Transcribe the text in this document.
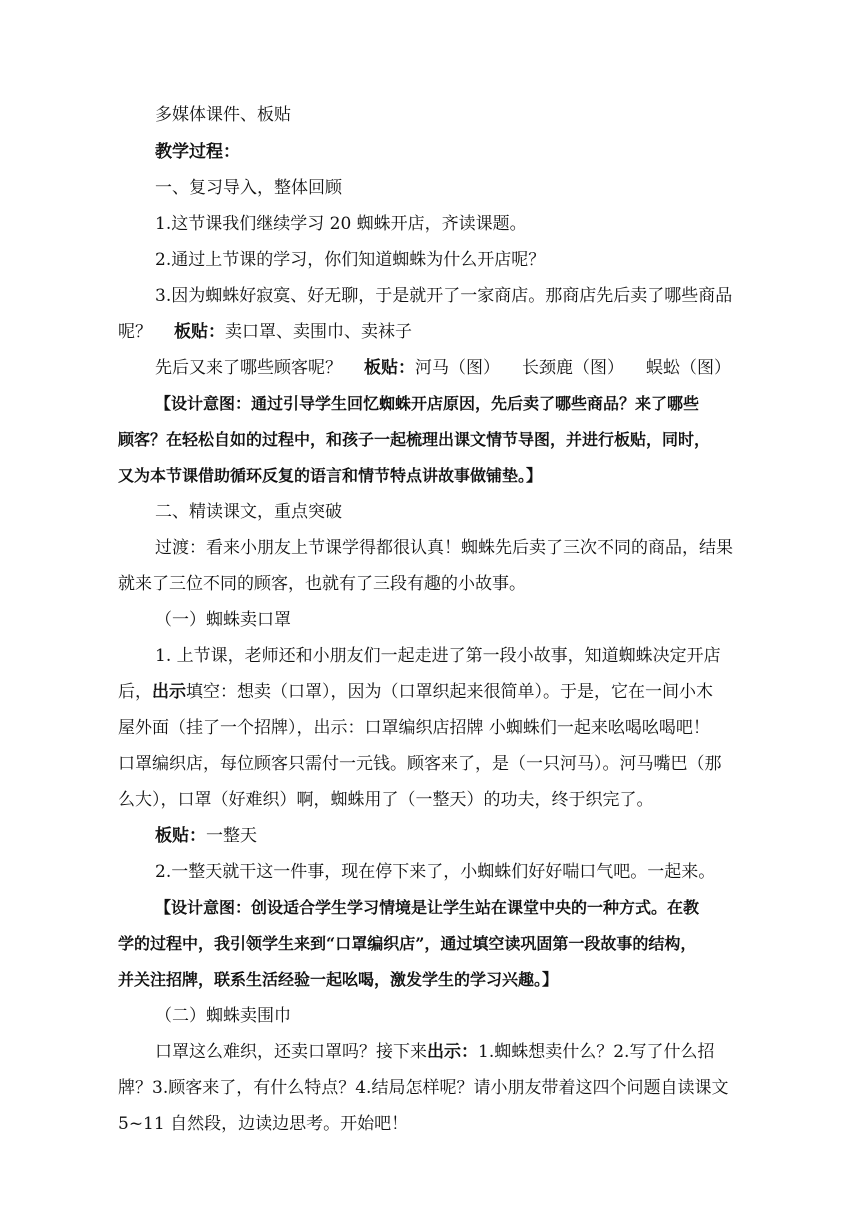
多媒体课件、板贴
教学过程：
一、复习导入，整体回顾
1.这节课我们继续学习 20 蜘蛛开店，齐读课题。
2.通过上节课的学习，你们知道蜘蛛为什么开店呢？
3.因为蜘蛛好寂寞、好无聊，于是就开了一家商店。那商店先后卖了哪些商品
呢？ 板贴：卖口罩、卖围巾、卖袜子
先后又来了哪些顾客呢？ 板贴：河马（图） 长颈鹿（图） 蜈蚣（图）
【设计意图：通过引导学生回忆蜘蛛开店原因，先后卖了哪些商品？来了哪些
顾客？在轻松自如的过程中，和孩子一起梳理出课文情节导图，并进行板贴，同时，
又为本节课借助循环反复的语言和情节特点讲故事做铺垫。】
二、精读课文，重点突破
过渡：看来小朋友上节课学得都很认真！蜘蛛先后卖了三次不同的商品，结果
就来了三位不同的顾客，也就有了三段有趣的小故事。
（一）蜘蛛卖口罩
1. 上节课，老师还和小朋友们一起走进了第一段小故事，知道蜘蛛决定开店
后，出示填空：想卖（口罩），因为（口罩织起来很简单）。于是，它在一间小木
屋外面（挂了一个招牌），出示：口罩编织店招牌 小蜘蛛们一起来吆喝吆喝吧！
口罩编织店，每位顾客只需付一元钱。顾客来了，是（一只河马）。河马嘴巴（那
么大），口罩（好难织）啊，蜘蛛用了（一整天）的功夫，终于织完了。
板贴：一整天
2.一整天就干这一件事，现在停下来了，小蜘蛛们好好喘口气吧。一起来。
【设计意图：创设适合学生学习情境是让学生站在课堂中央的一种方式。在教
学的过程中，我引领学生来到“口罩编织店”，通过填空读巩固第一段故事的结构，
并关注招牌，联系生活经验一起吆喝，激发学生的学习兴趣。】
（二）蜘蛛卖围巾
口罩这么难织，还卖口罩吗？接下来出示：1.蜘蛛想卖什么？2.写了什么招
牌？3.顾客来了，有什么特点？4.结局怎样呢？请小朋友带着这四个问题自读课文
5~11 自然段，边读边思考。开始吧！
